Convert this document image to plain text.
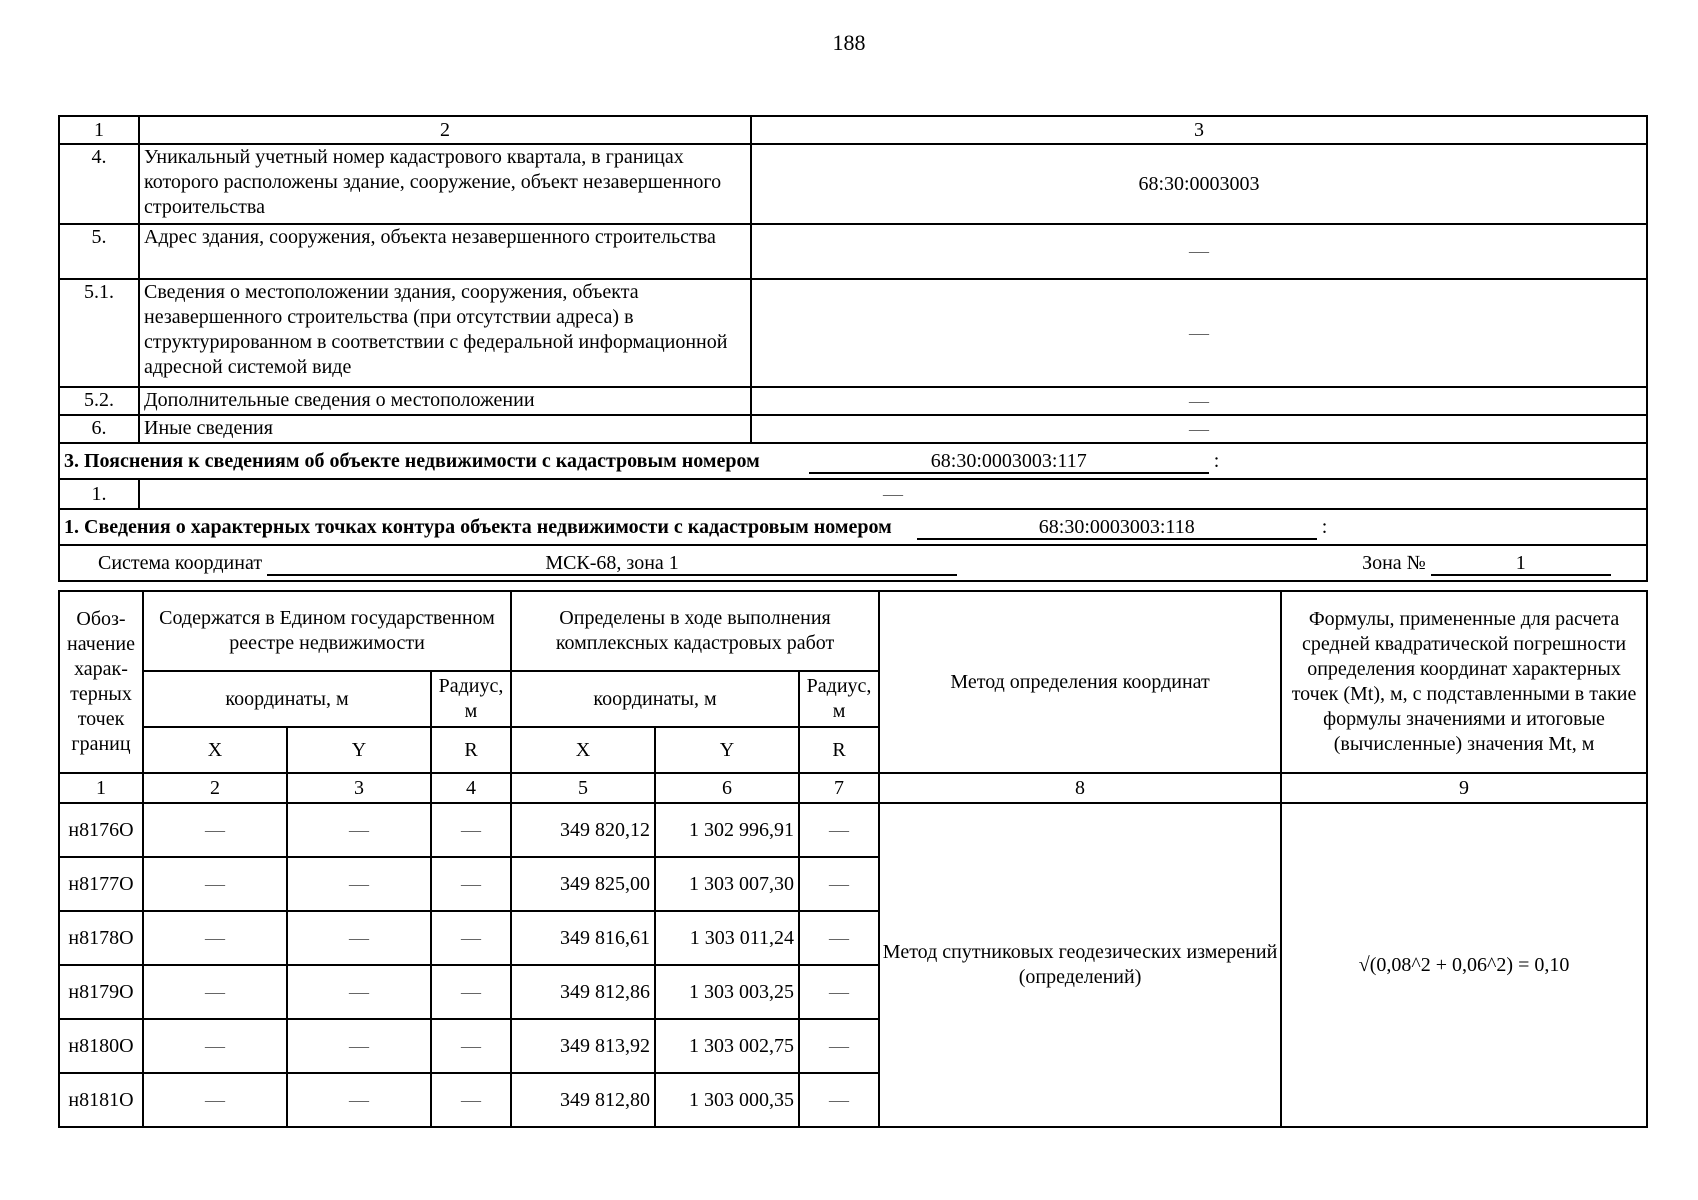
188
1	2	3
4.	Уникальный учетный номер кадастрового квартала, в границах которого расположены здание, сооружение, объект незавершенного строительства	68:30:0003003
5.	Адрес здания, сооружения, объекта незавершенного строительства	—
5.1.	Сведения о местоположении здания, сооружения, объекта незавершенного строительства (при отсутствии адреса) в структурированном в соответствии с федеральной информационной адресной системой виде	—
5.2.	Дополнительные сведения о местоположении	—
6.	Иные сведения	—
3. Пояснения к сведениям об объекте недвижимости с кадастровым номером 68:30:0003003:117 :		
1.	—	
1. Сведения о характерных точках контура объекта недвижимости с кадастровым номером 68:30:0003003:118 :		
Система координат МСК-68, зона 1 Зона № 1		
Обоз-начение харак-терных точек границ	Содержатся в Едином государственном реестре недвижимости			Определены в ходе выполнения комплексных кадастровых работ			Метод определения координат	Формулы, примененные для расчета средней квадратической погрешности определения координат характерных точек (Mt), м, с подставленными в такие формулы значениями и итоговые (вычисленные) значения Mt, м
	координаты, м		Радиус, м	координаты, м		Радиус, м		
	X	Y	R	X	Y	R		
1	2	3	4	5	6	7	8	9
н8176О	—	—	—	349 820,12	1 302 996,91	—	Метод спутниковых геодезических измерений (определений)	√(0,08^2 + 0,06^2) = 0,10
н8177О	—	—	—	349 825,00	1 303 007,30	—		
н8178О	—	—	—	349 816,61	1 303 011,24	—		
н8179О	—	—	—	349 812,86	1 303 003,25	—		
н8180О	—	—	—	349 813,92	1 303 002,75	—		
н8181О	—	—	—	349 812,80	1 303 000,35	—		
